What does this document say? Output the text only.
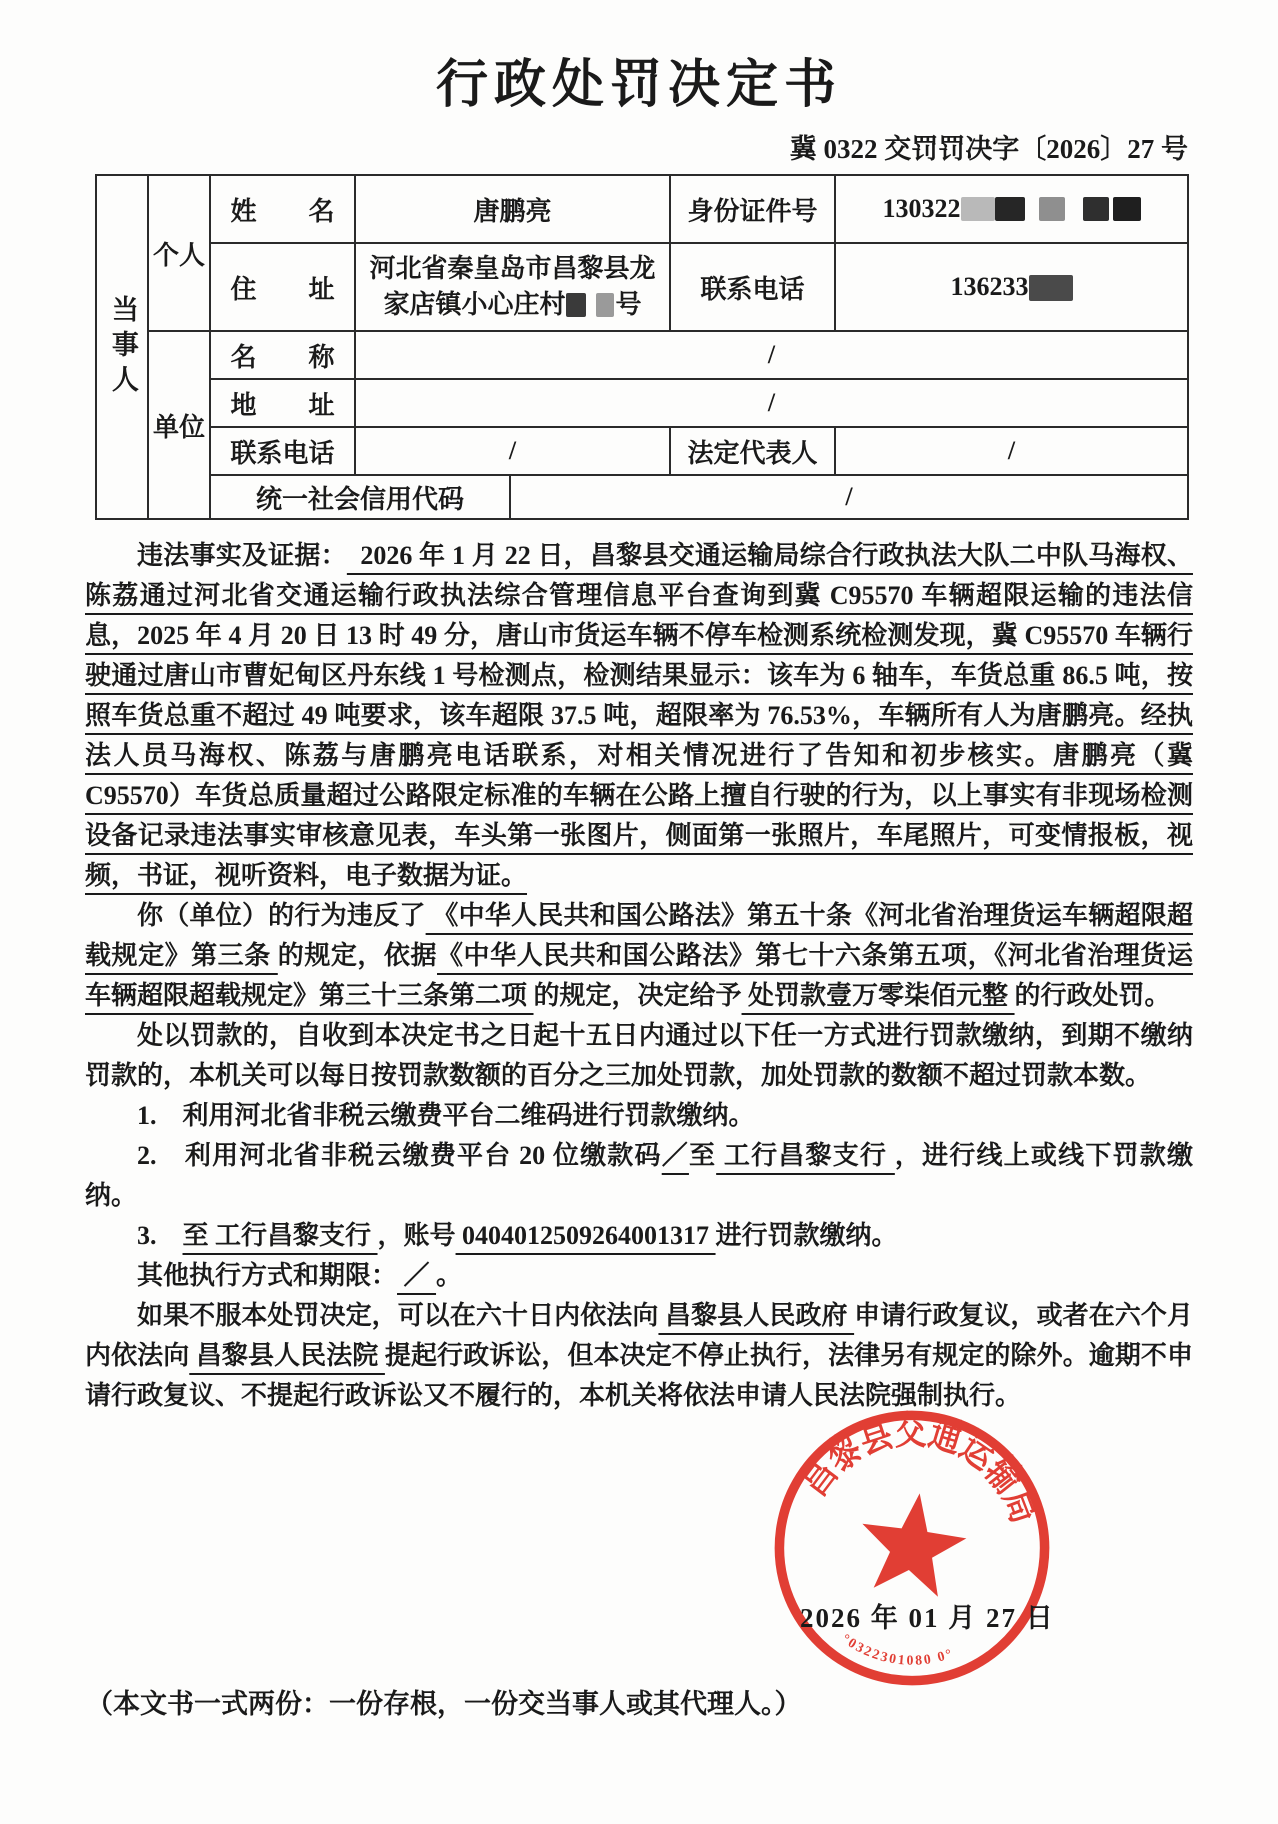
行政处罚决定书
冀 0322 交罚罚决字〔2026〕27 号
当事人	个人	姓　　名	唐鹏亮		身份证件号	130322
		住　　址	河北省秦皇岛市昌黎县龙
家店镇小心庄村 号		联系电话	136233
	单位	名　　称	/			
		地　　址	/			
		联系电话	/		法定代表人	/
		统一社会信用代码		/		
违法事实及证据：  2026 年 1 月 22 日，昌黎县交通运输局综合行政执法大队二中队马海权、陈荔通过河北省交通运输行政执法综合管理信息平台查询到冀 C95570 车辆超限运输的违法信息，2025 年 4 月 20 日 13 时 49 分，唐山市货运车辆不停车检测系统检测发现，冀 C95570 车辆行驶通过唐山市曹妃甸区丹东线 1 号检测点，检测结果显示：该车为 6 轴车，车货总重 86.5 吨，按照车货总重不超过 49 吨要求，该车超限 37.5 吨，超限率为 76.53%，车辆所有人为唐鹏亮。经执法人员马海权、陈荔与唐鹏亮电话联系，对相关情况进行了告知和初步核实。唐鹏亮（冀 C95570）车货总质量超过公路限定标准的车辆在公路上擅自行驶的行为，以上事实有非现场检测设备记录违法事实审核意见表，车头第一张图片，侧面第一张照片，车尾照片，可变情报板，视频，书证，视听资料，电子数据为证。
你（单位）的行为违反了 《中华人民共和国公路法》第五十条《河北省治理货运车辆超限超载规定》第三条 的规定，依据《中华人民共和国公路法》第七十六条第五项，《河北省治理货运车辆超限超载规定》第三十三条第二项 的规定，决定给予 处罚款壹万零柒佰元整 的行政处罚。
处以罚款的，自收到本决定书之日起十五日内通过以下任一方式进行罚款缴纳，到期不缴纳罚款的，本机关可以每日按罚款数额的百分之三加处罚款，加处罚款的数额不超过罚款本数。
1.　利用河北省非税云缴费平台二维码进行罚款缴纳。
2.　利用河北省非税云缴费平台 20 位缴款码／至 工行昌黎支行 ，进行线上或线下罚款缴纳。
3.　至 工行昌黎支行 ，账号 0404012509264001317 进行罚款缴纳。
其他执行方式和期限： ／ 。
如果不服本处罚决定，可以在六十日内依法向 昌黎县人民政府 申请行政复议，或者在六个月内依法向 昌黎县人民法院 提起行政诉讼，但本决定不停止执行，法律另有规定的除外。逾期不申请行政复议、不提起行政诉讼又不履行的，本机关将依法申请人民法院强制执行。
昌黎县交通运输局
°0322301080 0°
2026 年 01 月 27 日
（本文书一式两份：一份存根，一份交当事人或其代理人。）
